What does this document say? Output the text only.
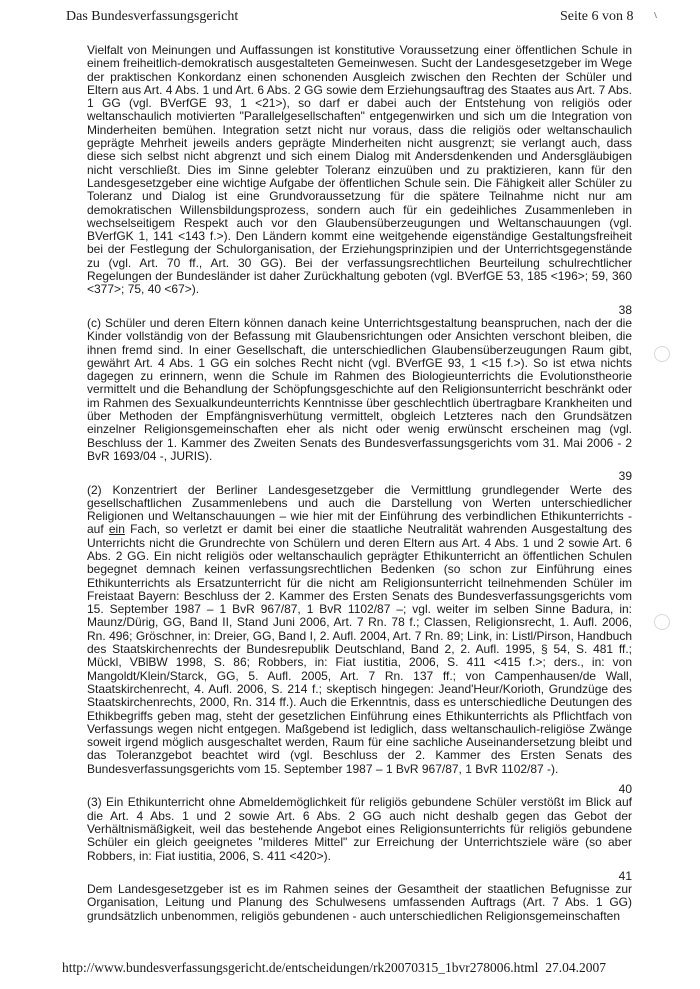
Das Bundesverfassungsgericht	Seite 6 von 8

Vielfalt von Meinungen und Auffassungen ist konstitutive Voraussetzung einer öffentlichen Schule in einem freiheitlich-demokratisch ausgestalteten Gemeinwesen. Sucht der Landesgesetzgeber im Wege der praktischen Konkordanz einen schonenden Ausgleich zwischen den Rechten der Schüler und Eltern aus Art. 4 Abs. 1 und Art. 6 Abs. 2 GG sowie dem Erziehungsauftrag des Staates aus Art. 7 Abs. 1 GG (vgl. BVerfGE 93, 1 <21>), so darf er dabei auch der Entstehung von religiös oder weltanschaulich motivierten "Parallelgesellschaften" entgegenwirken und sich um die Integration von Minderheiten bemühen. Integration setzt nicht nur voraus, dass die religiös oder weltanschaulich geprägte Mehrheit jeweils anders geprägte Minderheiten nicht ausgrenzt; sie verlangt auch, dass diese sich selbst nicht abgrenzt und sich einem Dialog mit Andersdenkenden und Andersgläubigen nicht verschließt. Dies im Sinne gelebter Toleranz einzuüben und zu praktizieren, kann für den Landesgesetzgeber eine wichtige Aufgabe der öffentlichen Schule sein. Die Fähigkeit aller Schüler zu Toleranz und Dialog ist eine Grundvoraussetzung für die spätere Teilnahme nicht nur am demokratischen Willensbildungsprozess, sondern auch für ein gedeihliches Zusammenleben in wechselseitigem Respekt auch vor den Glaubensüberzeugungen und Weltanschauungen (vgl. BVerfGK 1, 141 <143 f.>). Den Ländern kommt eine weitgehende eigenständige Gestaltungsfreiheit bei der Festlegung der Schulorganisation, der Erziehungsprinzipien und der Unterrichtsgegenstände zu (vgl. Art. 70 ff., Art. 30 GG). Bei der verfassungsrechtlichen Beurteilung schulrechtlicher Regelungen der Bundesländer ist daher Zurückhaltung geboten (vgl. BVerfGE 53, 185 <196>; 59, 360 <377>; 75, 40 <67>).

38

(c) Schüler und deren Eltern können danach keine Unterrichtsgestaltung beanspruchen, nach der die Kinder vollständig von der Befassung mit Glaubensrichtungen oder Ansichten verschont bleiben, die ihnen fremd sind. In einer Gesellschaft, die unterschiedlichen Glaubensüberzeugungen Raum gibt, gewährt Art. 4 Abs. 1 GG ein solches Recht nicht (vgl. BVerfGE 93, 1 <15 f.>). So ist etwa nichts dagegen zu erinnern, wenn die Schule im Rahmen des Biologieunterrichts die Evolutionstheorie vermittelt und die Behandlung der Schöpfungsgeschichte auf den Religionsunterricht beschränkt oder im Rahmen des Sexualkundeunterrichts Kenntnisse über geschlechtlich übertragbare Krankheiten und über Methoden der Empfängnisverhütung vermittelt, obgleich Letzteres nach den Grundsätzen einzelner Religionsgemeinschaften eher als nicht oder wenig erwünscht erscheinen mag (vgl. Beschluss der 1. Kammer des Zweiten Senats des Bundesverfassungsgerichts vom 31. Mai 2006 - 2 BvR 1693/04 -, JURIS).

39

(2) Konzentriert der Berliner Landesgesetzgeber die Vermittlung grundlegender Werte des gesellschaftlichen Zusammenlebens und auch die Darstellung von Werten unterschiedlicher Religionen und Weltanschauungen – wie hier mit der Einführung des verbindlichen Ethikunterrichts - auf ein Fach, so verletzt er damit bei einer die staatliche Neutralität wahrenden Ausgestaltung des Unterrichts nicht die Grundrechte von Schülern und deren Eltern aus Art. 4 Abs. 1 und 2 sowie Art. 6 Abs. 2 GG. Ein nicht religiös oder weltanschaulich geprägter Ethikunterricht an öffentlichen Schulen begegnet demnach keinen verfassungsrechtlichen Bedenken (so schon zur Einführung eines Ethikunterrichts als Ersatzunterricht für die nicht am Religionsunterricht teilnehmenden Schüler im Freistaat Bayern: Beschluss der 2. Kammer des Ersten Senats des Bundesverfassungsgerichts vom 15. September 1987 – 1 BvR 967/87, 1 BvR 1102/87 –; vgl. weiter im selben Sinne Badura, in: Maunz/Dürig, GG, Band II, Stand Juni 2006, Art. 7 Rn. 78 f.; Classen, Religionsrecht, 1. Aufl. 2006, Rn. 496; Gröschner, in: Dreier, GG, Band I, 2. Aufl. 2004, Art. 7 Rn. 89; Link, in: Listl/Pirson, Handbuch des Staatskirchenrechts der Bundesrepublik Deutschland, Band 2, 2. Aufl. 1995, § 54, S. 481 ff.; Mückl, VBlBW 1998, S. 86; Robbers, in: Fiat iustitia, 2006, S. 411 <415 f.>; ders., in: von Mangoldt/Klein/Starck, GG, 5. Aufl. 2005, Art. 7 Rn. 137 ff.; von Campenhausen/de Wall, Staatskirchenrecht, 4. Aufl. 2006, S. 214 f.; skeptisch hingegen: Jeand'Heur/Korioth, Grundzüge des Staatskirchenrechts, 2000, Rn. 314 ff.). Auch die Erkenntnis, dass es unterschiedliche Deutungen des Ethikbegriffs geben mag, steht der gesetzlichen Einführung eines Ethikunterrichts als Pflichtfach von Verfassungs wegen nicht entgegen. Maßgebend ist lediglich, dass weltanschaulich-religiöse Zwänge soweit irgend möglich ausgeschaltet werden, Raum für eine sachliche Auseinandersetzung bleibt und das Toleranzgebot beachtet wird (vgl. Beschluss der 2. Kammer des Ersten Senats des Bundesverfassungsgerichts vom 15. September 1987 – 1 BvR 967/87, 1 BvR 1102/87 -).

40

(3) Ein Ethikunterricht ohne Abmeldemöglichkeit für religiös gebundene Schüler verstößt im Blick auf die Art. 4 Abs. 1 und 2 sowie Art. 6 Abs. 2 GG auch nicht deshalb gegen das Gebot der Verhältnismäßigkeit, weil das bestehende Angebot eines Religionsunterrichts für religiös gebundene Schüler ein gleich geeignetes "milderes Mittel" zur Erreichung der Unterrichtsziele wäre (so aber Robbers, in: Fiat iustitia, 2006, S. 411 <420>).

41

Dem Landesgesetzgeber ist es im Rahmen seines der Gesamtheit der staatlichen Befugnisse zur Organisation, Leitung und Planung des Schulwesens umfassenden Auftrags (Art. 7 Abs. 1 GG) grundsätzlich unbenommen, religiös gebundenen - auch unterschiedlichen Religionsgemeinschaften

http://www.bundesverfassungsgericht.de/entscheidungen/rk20070315_1bvr278006.html 27.04.2007
